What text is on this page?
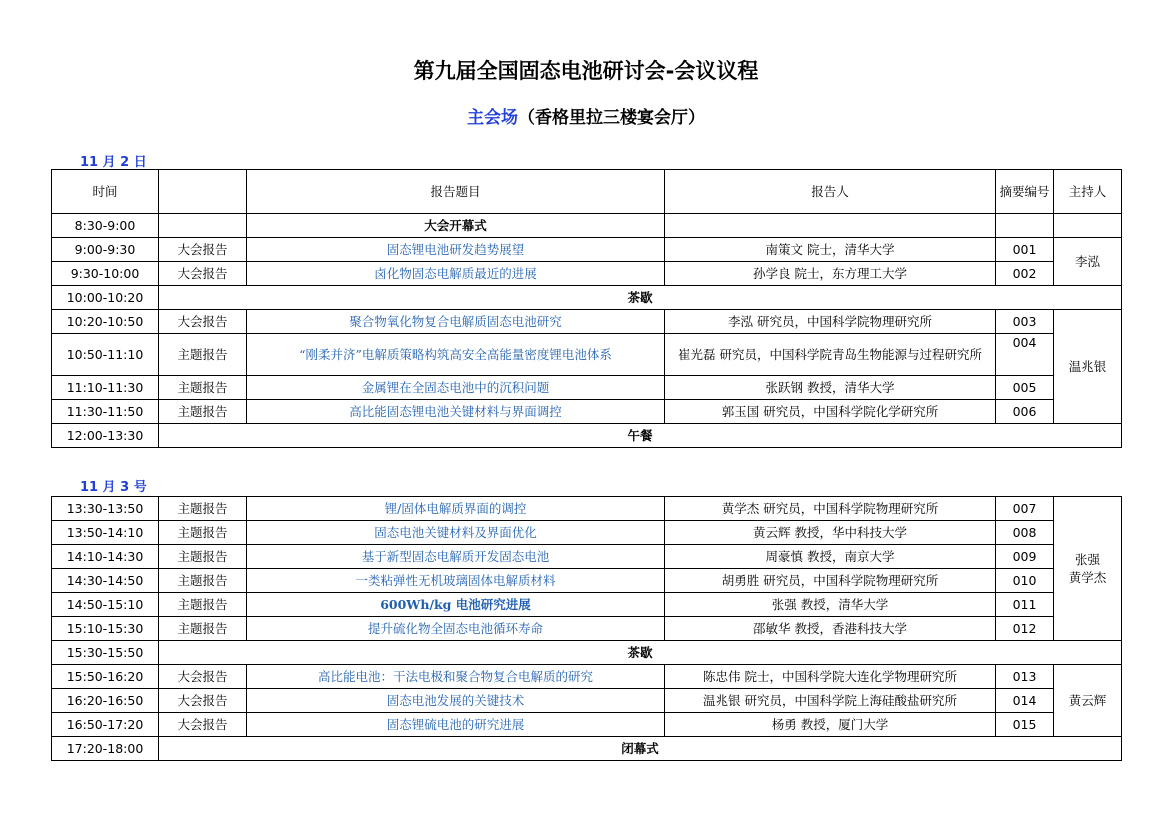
第九届全国固态电池研讨会-会议议程
主会场（香格里拉三楼宴会厅）
11 月 2 日
时间		报告题目	报告人	摘要编号	主持人
8:30-9:00		大会开幕式			
9:00-9:30	大会报告	固态锂电池研发趋势展望	南策文 院士，清华大学	001	李泓
9:30-10:00	大会报告	卤化物固态电解质最近的进展	孙学良 院士，东方理工大学	002	
10:00-10:20	茶歇				
10:20-10:50	大会报告	聚合物氧化物复合电解质固态电池研究	李泓 研究员，中国科学院物理研究所	003	温兆银
10:50-11:10	主题报告	“刚柔并济”电解质策略构筑高安全高能量密度锂电池体系	崔光磊 研究员，中国科学院青岛生物能源与过程研究所	004	
11:10-11:30	主题报告	金属锂在全固态电池中的沉积问题	张跃钢 教授，清华大学	005	
11:30-11:50	主题报告	高比能固态锂电池关键材料与界面调控	郭玉国 研究员，中国科学院化学研究所	006	
12:00-13:30	午餐				
11 月 3 号
13:30-13:50	主题报告	锂/固体电解质界面的调控	黄学杰 研究员，中国科学院物理研究所	007	张强
黄学杰

13:50-14:10	主题报告	固态电池关键材料及界面优化	黄云辉 教授，华中科技大学	008	
14:10-14:30	主题报告	基于新型固态电解质开发固态电池	周豪慎 教授，南京大学	009	
14:30-14:50	主题报告	一类粘弹性无机玻璃固体电解质材料	胡勇胜 研究员，中国科学院物理研究所	010	
14:50-15:10	主题报告	600Wh/kg 电池研究进展	张强 教授，清华大学	011	
15:10-15:30	主题报告	提升硫化物全固态电池循环寿命	邵敏华 教授，香港科技大学	012	
15:30-15:50	茶歇				
15:50-16:20	大会报告	高比能电池：干法电极和聚合物复合电解质的研究	陈忠伟 院士，中国科学院大连化学物理研究所	013	黄云辉
16:20-16:50	大会报告	固态电池发展的关键技术	温兆银 研究员，中国科学院上海硅酸盐研究所	014	
16:50-17:20	大会报告	固态锂硫电池的研究进展	杨勇 教授，厦门大学	015	
17:20-18:00	闭幕式				
